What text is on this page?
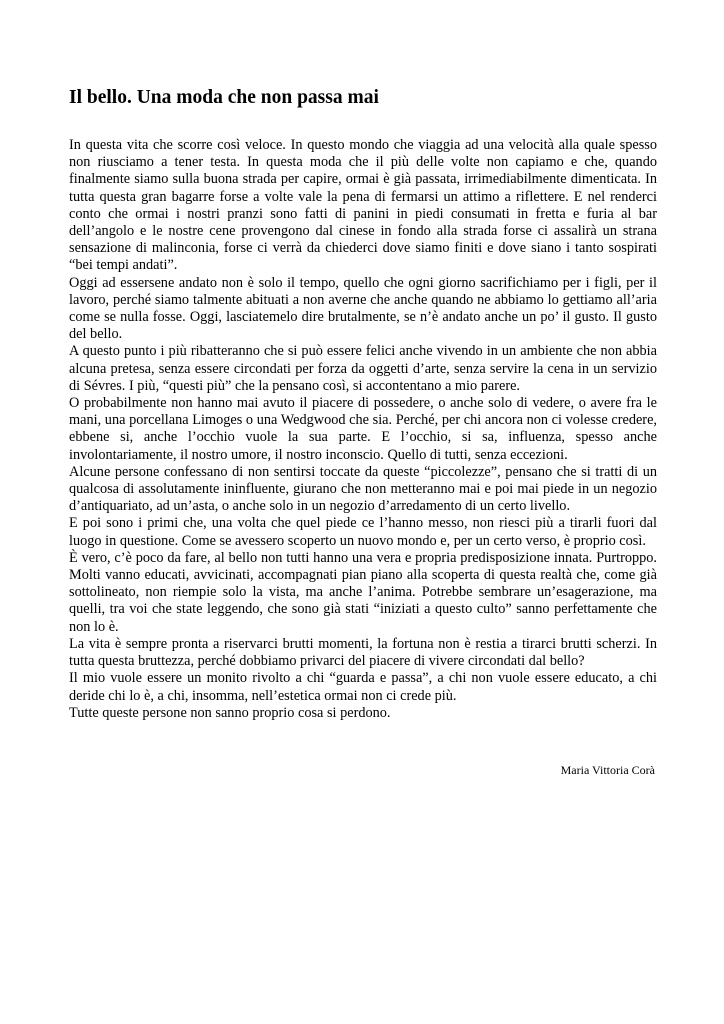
Il bello. Una moda che non passa mai

In questa vita che scorre così veloce. In questo mondo che viaggia ad una velocità alla quale spesso non riusciamo a tener testa. In questa moda che il più delle volte non capiamo e che, quando finalmente siamo sulla buona strada per capire, ormai è già passata, irrimediabilmente dimenticata. In tutta questa gran bagarre forse a volte vale la pena di fermarsi un attimo a riflettere. E nel renderci conto che ormai i nostri pranzi sono fatti di panini in piedi consumati in fretta e furia al bar dell’angolo e le nostre cene provengono dal cinese in fondo alla strada forse ci assalirà un strana sensazione di malinconia, forse ci verrà da chiederci dove siamo finiti e dove siano i tanto sospirati “bei tempi andati”.

Oggi ad essersene andato non è solo il tempo, quello che ogni giorno sacrifichiamo per i figli, per il lavoro, perché siamo talmente abituati a non averne che anche quando ne abbiamo lo gettiamo all’aria come se nulla fosse. Oggi, lasciatemelo dire brutalmente, se n’è andato anche un po’ il gusto. Il gusto del bello.

A questo punto i più ribatteranno che si può essere felici anche vivendo in un ambiente che non abbia alcuna pretesa, senza essere circondati per forza da oggetti d’arte, senza servire la cena in un servizio di Sévres. I più, “questi più” che la pensano così, si accontentano a mio parere.

O probabilmente non hanno mai avuto il piacere di possedere, o anche solo di vedere, o avere fra le mani, una porcellana Limoges o una Wedgwood che sia. Perché, per chi ancora non ci volesse credere, ebbene si, anche l’occhio vuole la sua parte. E l’occhio, si sa, influenza, spesso anche involontariamente, il nostro umore, il nostro inconscio. Quello di tutti, senza eccezioni.

Alcune persone confessano di non sentirsi toccate da queste “piccolezze”, pensano che si tratti di un qualcosa di assolutamente ininfluente, giurano che non metteranno mai e poi mai piede in un negozio d’antiquariato, ad un’asta, o anche solo in un negozio d’arredamento di un certo livello.

E poi sono i primi che, una volta che quel piede ce l’hanno messo, non riesci più a tirarli fuori dal luogo in questione. Come se avessero scoperto un nuovo mondo e, per un certo verso, è proprio così.

È vero, c’è poco da fare, al bello non tutti hanno una vera e propria predisposizione innata. Purtroppo. Molti vanno educati, avvicinati, accompagnati pian piano alla scoperta di questa realtà che, come già sottolineato, non riempie solo la vista, ma anche l’anima. Potrebbe sembrare un’esagerazione, ma quelli, tra voi che state leggendo, che sono già stati “iniziati a questo culto” sanno perfettamente che non lo è.

La vita è sempre pronta a riservarci brutti momenti, la fortuna non è restia a tirarci brutti scherzi. In tutta questa bruttezza, perché dobbiamo privarci del piacere di vivere circondati dal bello?

Il mio vuole essere un monito rivolto a chi “guarda e passa”, a chi non vuole essere educato, a chi deride chi lo è, a chi, insomma, nell’estetica ormai non ci crede più.

Tutte queste persone non sanno proprio cosa si perdono.

Maria Vittoria Corà
